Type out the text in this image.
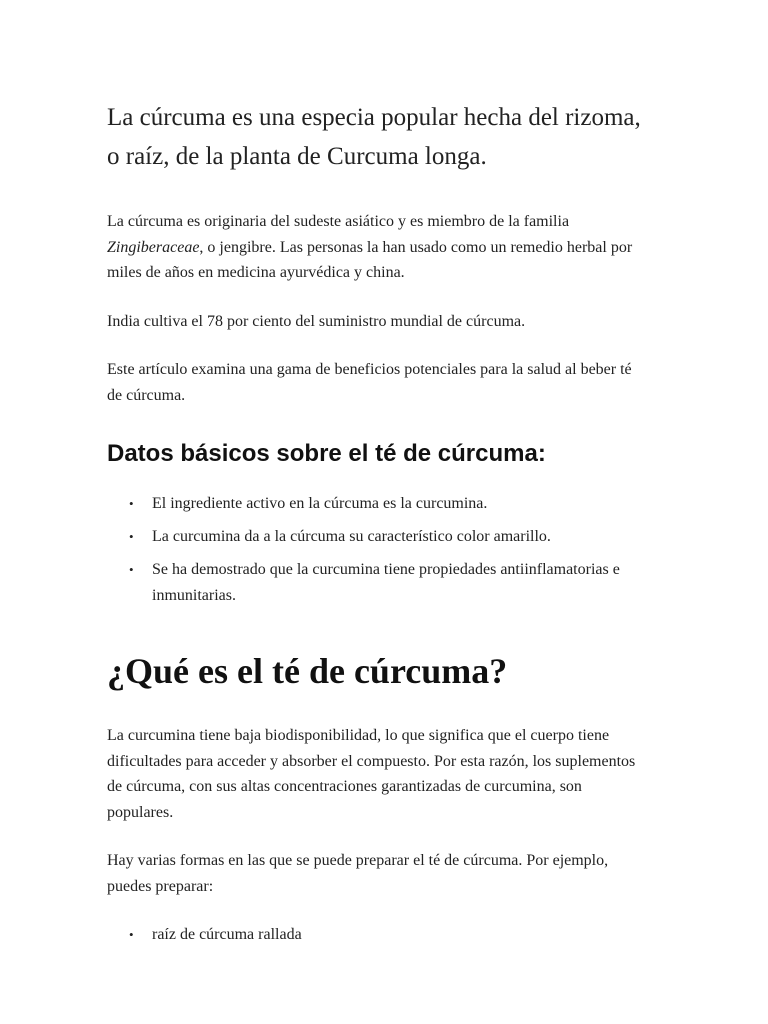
La cúrcuma es una especia popular hecha del rizoma, o raíz, de la planta de Curcuma longa.

La cúrcuma es originaria del sudeste asiático y es miembro de la familia Zingiberaceae, o jengibre. Las personas la han usado como un remedio herbal por miles de años en medicina ayurvédica y china.

India cultiva el 78 por ciento del suministro mundial de cúrcuma.

Este artículo examina una gama de beneficios potenciales para la salud al beber té de cúrcuma.

Datos básicos sobre el té de cúrcuma:
• El ingrediente activo en la cúrcuma es la curcumina.
• La curcumina da a la cúrcuma su característico color amarillo.
• Se ha demostrado que la curcumina tiene propiedades antiinflamatorias e inmunitarias.
¿Qué es el té de cúrcuma?

La curcumina tiene baja biodisponibilidad, lo que significa que el cuerpo tiene dificultades para acceder y absorber el compuesto. Por esta razón, los suplementos de cúrcuma, con sus altas concentraciones garantizadas de curcumina, son populares.

Hay varias formas en las que se puede preparar el té de cúrcuma. Por ejemplo, puedes preparar:

• raíz de cúrcuma rallada
